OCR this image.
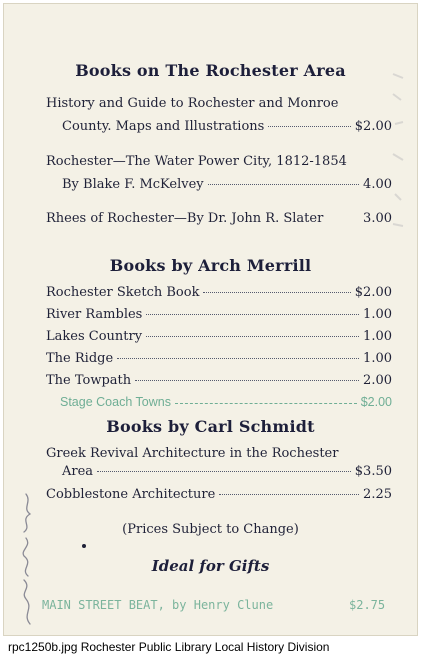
Books on The Rochester Area
History and Guide to Rochester and Monroe
County. Maps and Illustrations	$2.00
Rochester—The Water Power City, 1812-1854
By Blake F. McKelvey	4.00
Rhees of Rochester—By Dr. John R. Slater	3.00
Books by Arch Merrill
Rochester Sketch Book	$2.00
River Rambles	1.00
Lakes Country	1.00
The Ridge	1.00
The Towpath	2.00
Stage Coach Towns	$2.00
Books by Carl Schmidt
Greek Revival Architecture in the Rochester
Area	$3.50
Cobblestone Architecture	2.25
(Prices Subject to Change)
Ideal for Gifts
MAIN STREET BEAT, by Henry Clune	$2.75
rpc1250b.jpg Rochester Public Library Local History Division
